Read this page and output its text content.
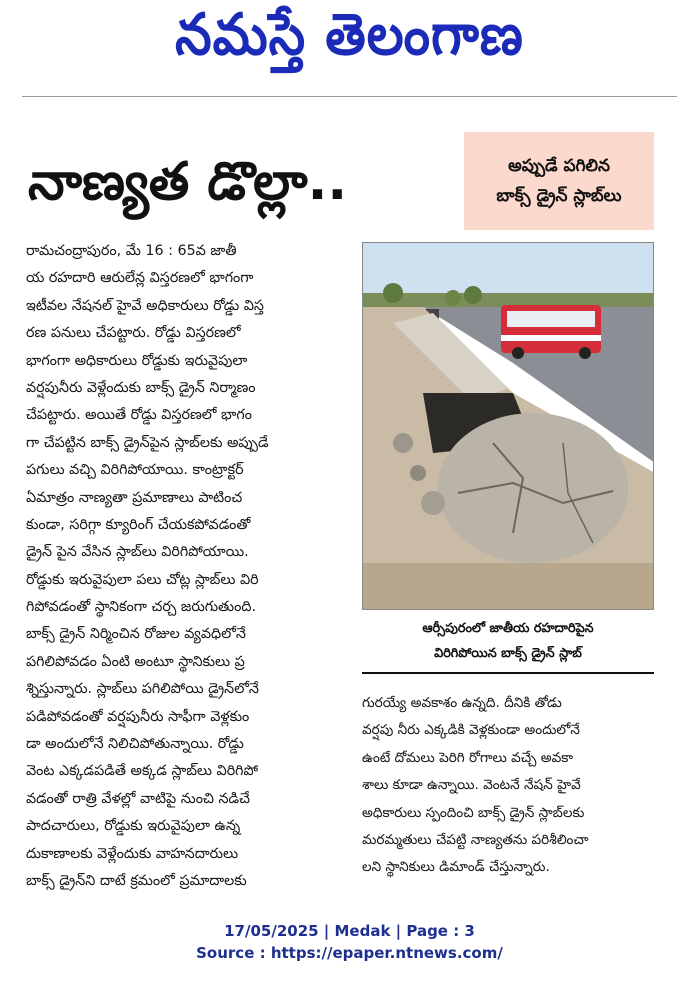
నమస్తే తెలంగాణ
నాణ్యత డొల్లా..	అప్పుడే పగిలిన
బాక్స్ డ్రైన్ స్లాబ్‌లు
రామచంద్రాపురం, మే 16 : 65వ జాతీ
య రహదారి ఆరులేన్ల విస్తరణలో భాగంగా
ఇటీవల నేషనల్ హైవే అధికారులు రోడ్డు విస్త
రణ పనులు చేపట్టారు. రోడ్డు విస్తరణలో
భాగంగా అధికారులు రోడ్డుకు ఇరువైపులా
వర్షపునీరు వెళ్లేందుకు బాక్స్ డ్రైన్ నిర్మాణం
చేపట్టారు. అయితే రోడ్డు విస్తరణలో భాగం
గా చేపట్టిన బాక్స్ డ్రైన్‌పైన స్లాబ్‌లకు అప్పుడే
పగులు వచ్చి విరిగిపోయాయి. కాంట్రాక్టర్
ఏమాత్రం నాణ్యతా ప్రమాణాలు పాటించ
కుండా, సరిగ్గా క్యూరింగ్ చేయకపోవడంతో
డ్రైన్ పైన వేసిన స్లాబ్‌లు విరిగిపోయాయి.
రోడ్డుకు ఇరువైపులా పలు చోట్ల స్లాబ్‌లు విరి
గిపోవడంతో స్థానికంగా చర్చ జరుగుతుంది.
బాక్స్ డ్రైన్ నిర్మించిన రోజుల వ్యవధిలోనే
పగిలిపోవడం ఏంటి అంటూ స్థానికులు ప్ర
శ్నిస్తున్నారు. స్లాబ్‌లు పగిలిపోయి డ్రైన్‌లోనే
పడిపోవడంతో వర్షపునీరు సాఫీగా వెళ్లకుం
డా అందులోనే నిలిచిపోతున్నాయి. రోడ్డు
వెంట ఎక్కడపడితే అక్కడ స్లాబ్‌లు విరిగిపో
వడంతో రాత్రి వేళల్లో వాటిపై నుంచి నడిచే
పాదచారులు, రోడ్డుకు ఇరువైపులా ఉన్న
దుకాణాలకు వెళ్లేందుకు వాహనదారులు
బాక్స్ డ్రైన్‌ని దాటే క్రమంలో ప్రమాదాలకు
ఆర్సీపురంలో జాతీయ రహదారిపైన
విరిగిపోయిన బాక్స్ డ్రైన్ స్లాబ్
గురయ్యే అవకాశం ఉన్నది. దీనికి తోడు
వర్షపు నీరు ఎక్కడికి వెళ్లకుండా అందులోనే
ఉంటే దోమలు పెరిగి రోగాలు వచ్చే అవకా
శాలు కూడా ఉన్నాయి. వెంటనే నేషన్ హైవే
అధికారులు స్పందించి బాక్స్ డ్రైన్ స్లాబ్‌లకు
మరమ్మతులు చేపట్టి నాణ్యతను పరిశీలించా
లని స్థానికులు డిమాండ్ చేస్తున్నారు.
17/05/2025 | Medak | Page : 3
Source : https://epaper.ntnews.com/
